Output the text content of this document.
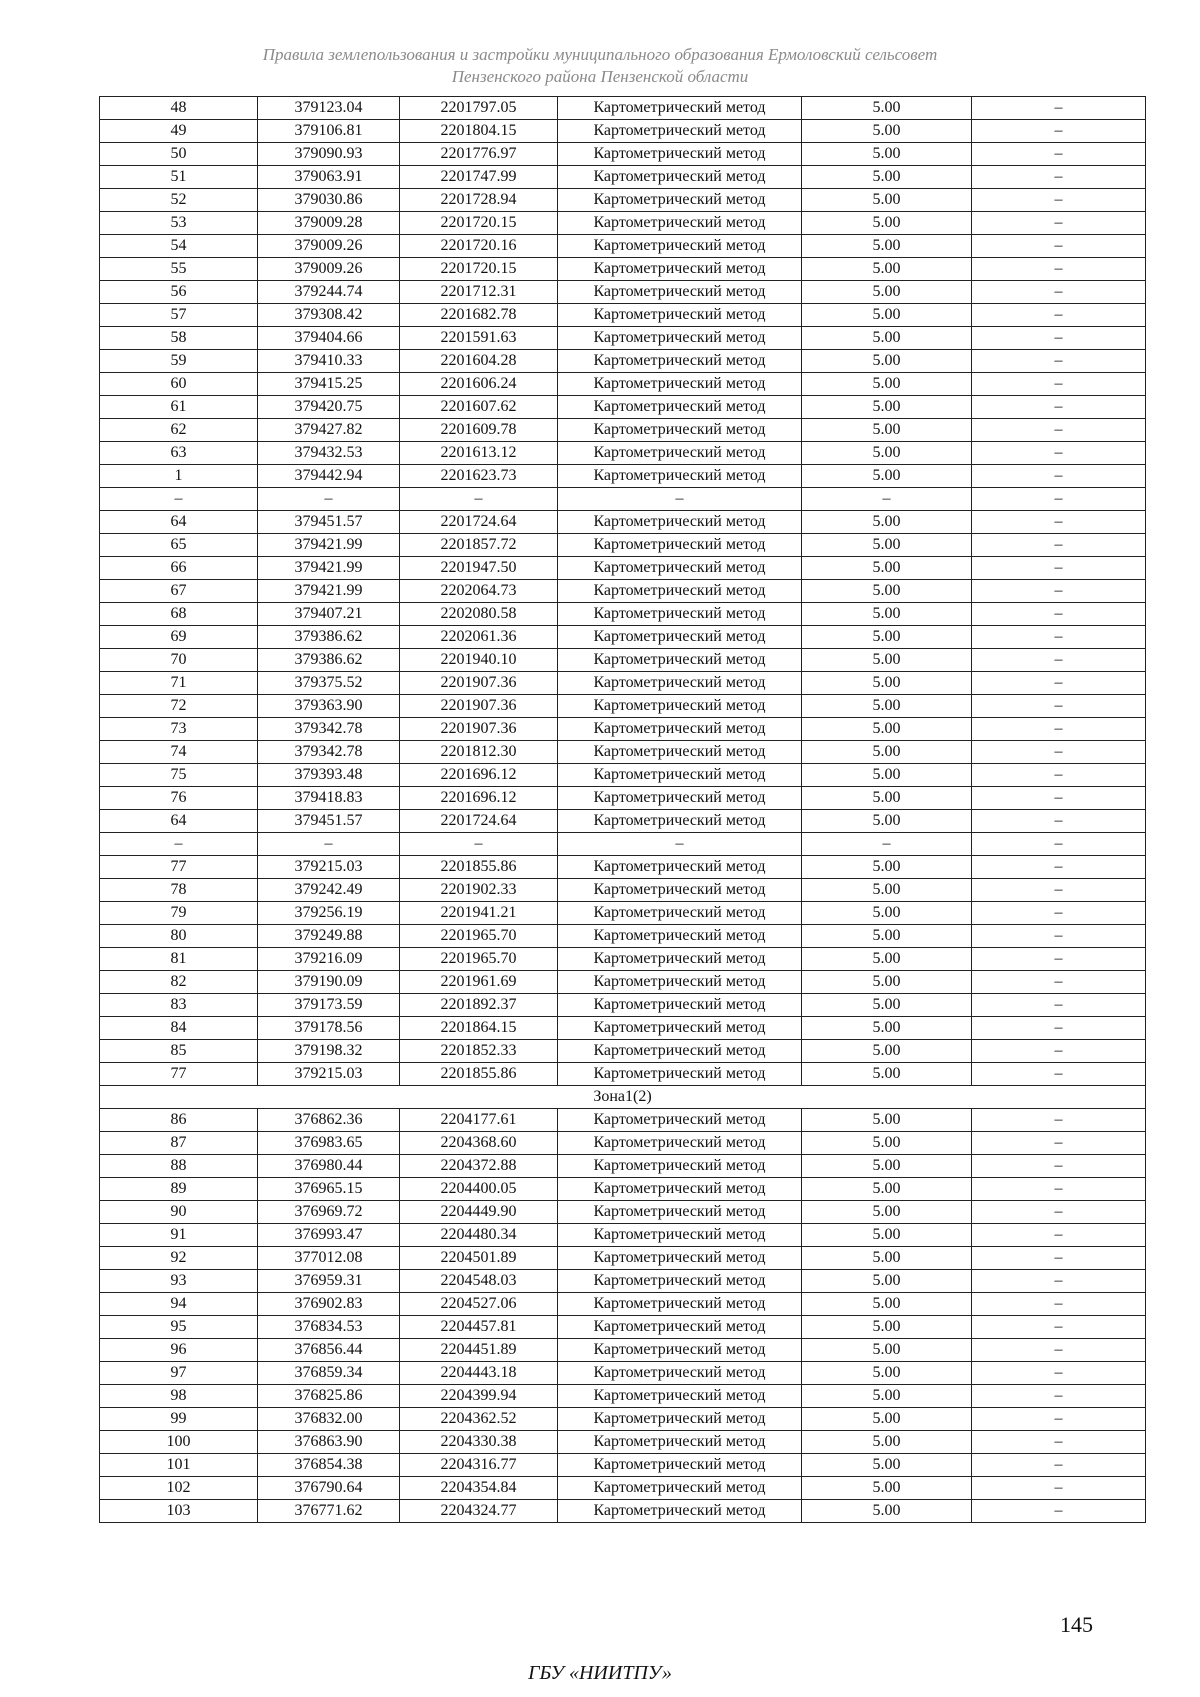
Правила землепользования и застройки муниципального образования Ермоловский сельсовет
Пензенского района Пензенской области
48	379123.04	2201797.05	Картометрический метод	5.00	–
49	379106.81	2201804.15	Картометрический метод	5.00	–
50	379090.93	2201776.97	Картометрический метод	5.00	–
51	379063.91	2201747.99	Картометрический метод	5.00	–
52	379030.86	2201728.94	Картометрический метод	5.00	–
53	379009.28	2201720.15	Картометрический метод	5.00	–
54	379009.26	2201720.16	Картометрический метод	5.00	–
55	379009.26	2201720.15	Картометрический метод	5.00	–
56	379244.74	2201712.31	Картометрический метод	5.00	–
57	379308.42	2201682.78	Картометрический метод	5.00	–
58	379404.66	2201591.63	Картометрический метод	5.00	–
59	379410.33	2201604.28	Картометрический метод	5.00	–
60	379415.25	2201606.24	Картометрический метод	5.00	–
61	379420.75	2201607.62	Картометрический метод	5.00	–
62	379427.82	2201609.78	Картометрический метод	5.00	–
63	379432.53	2201613.12	Картометрический метод	5.00	–
1	379442.94	2201623.73	Картометрический метод	5.00	–
–	–	–	–	–	–
64	379451.57	2201724.64	Картометрический метод	5.00	–
65	379421.99	2201857.72	Картометрический метод	5.00	–
66	379421.99	2201947.50	Картометрический метод	5.00	–
67	379421.99	2202064.73	Картометрический метод	5.00	–
68	379407.21	2202080.58	Картометрический метод	5.00	–
69	379386.62	2202061.36	Картометрический метод	5.00	–
70	379386.62	2201940.10	Картометрический метод	5.00	–
71	379375.52	2201907.36	Картометрический метод	5.00	–
72	379363.90	2201907.36	Картометрический метод	5.00	–
73	379342.78	2201907.36	Картометрический метод	5.00	–
74	379342.78	2201812.30	Картометрический метод	5.00	–
75	379393.48	2201696.12	Картометрический метод	5.00	–
76	379418.83	2201696.12	Картометрический метод	5.00	–
64	379451.57	2201724.64	Картометрический метод	5.00	–
–	–	–	–	–	–
77	379215.03	2201855.86	Картометрический метод	5.00	–
78	379242.49	2201902.33	Картометрический метод	5.00	–
79	379256.19	2201941.21	Картометрический метод	5.00	–
80	379249.88	2201965.70	Картометрический метод	5.00	–
81	379216.09	2201965.70	Картометрический метод	5.00	–
82	379190.09	2201961.69	Картометрический метод	5.00	–
83	379173.59	2201892.37	Картометрический метод	5.00	–
84	379178.56	2201864.15	Картометрический метод	5.00	–
85	379198.32	2201852.33	Картометрический метод	5.00	–
77	379215.03	2201855.86	Картометрический метод	5.00	–
Зона1(2)					
86	376862.36	2204177.61	Картометрический метод	5.00	–
87	376983.65	2204368.60	Картометрический метод	5.00	–
88	376980.44	2204372.88	Картометрический метод	5.00	–
89	376965.15	2204400.05	Картометрический метод	5.00	–
90	376969.72	2204449.90	Картометрический метод	5.00	–
91	376993.47	2204480.34	Картометрический метод	5.00	–
92	377012.08	2204501.89	Картометрический метод	5.00	–
93	376959.31	2204548.03	Картометрический метод	5.00	–
94	376902.83	2204527.06	Картометрический метод	5.00	–
95	376834.53	2204457.81	Картометрический метод	5.00	–
96	376856.44	2204451.89	Картометрический метод	5.00	–
97	376859.34	2204443.18	Картометрический метод	5.00	–
98	376825.86	2204399.94	Картометрический метод	5.00	–
99	376832.00	2204362.52	Картометрический метод	5.00	–
100	376863.90	2204330.38	Картометрический метод	5.00	–
101	376854.38	2204316.77	Картометрический метод	5.00	–
102	376790.64	2204354.84	Картометрический метод	5.00	–
103	376771.62	2204324.77	Картометрический метод	5.00	–
145
ГБУ «НИИТПУ»
